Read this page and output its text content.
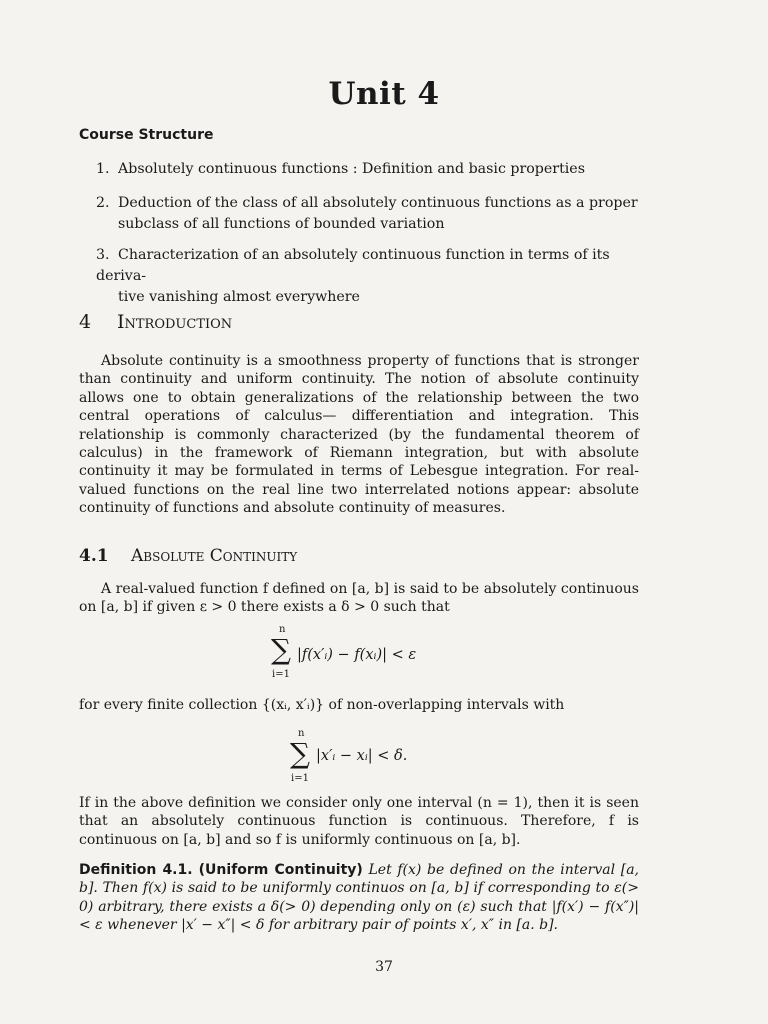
Unit 4
Course Structure
1. Absolutely continuous functions : Definition and basic properties
2. Deduction of the class of all absolutely continuous functions as a proper
subclass of all functions of bounded variation
3. Characterization of an absolutely continuous function in terms of its deriva-
tive vanishing almost everywhere
4 Introduction
Absolute continuity is a smoothness property of functions that is stronger than continuity and uniform continuity. The notion of absolute continuity allows one to obtain generalizations of the relationship between the two central operations of calculus— differentiation and integration. This relationship is commonly characterized (by the fundamental theorem of calculus) in the framework of Riemann integration, but with absolute continuity it may be formulated in terms of Lebesgue integration. For real-valued functions on the real line two interrelated notions appear: absolute continuity of functions and absolute continuity of measures.
4.1 Absolute Continuity
A real-valued function f defined on [a, b] is said to be absolutely continuous on [a, b] if given ε > 0 there exists a δ > 0 such that
n
∑
i=1
|f(x′ᵢ) − f(xᵢ)| < ε
for every finite collection {(xᵢ, x′ᵢ)} of non-overlapping intervals with
n
∑
i=1
|x′ᵢ − xᵢ| < δ.
If in the above definition we consider only one interval (n = 1), then it is seen that an absolutely continuous function is continuous. Therefore, f is continuous on [a, b] and so f is uniformly continuous on [a, b].
Definition 4.1. (Uniform Continuity) Let f(x) be defined on the interval [a, b]. Then f(x) is said to be uniformly continuos on [a, b] if corresponding to ε(> 0) arbitrary, there exists a δ(> 0) depending only on (ε) such that |f(x′) − f(x″)| < ε whenever |x′ − x″| < δ for arbitrary pair of points x′, x″ in [a. b].
37
